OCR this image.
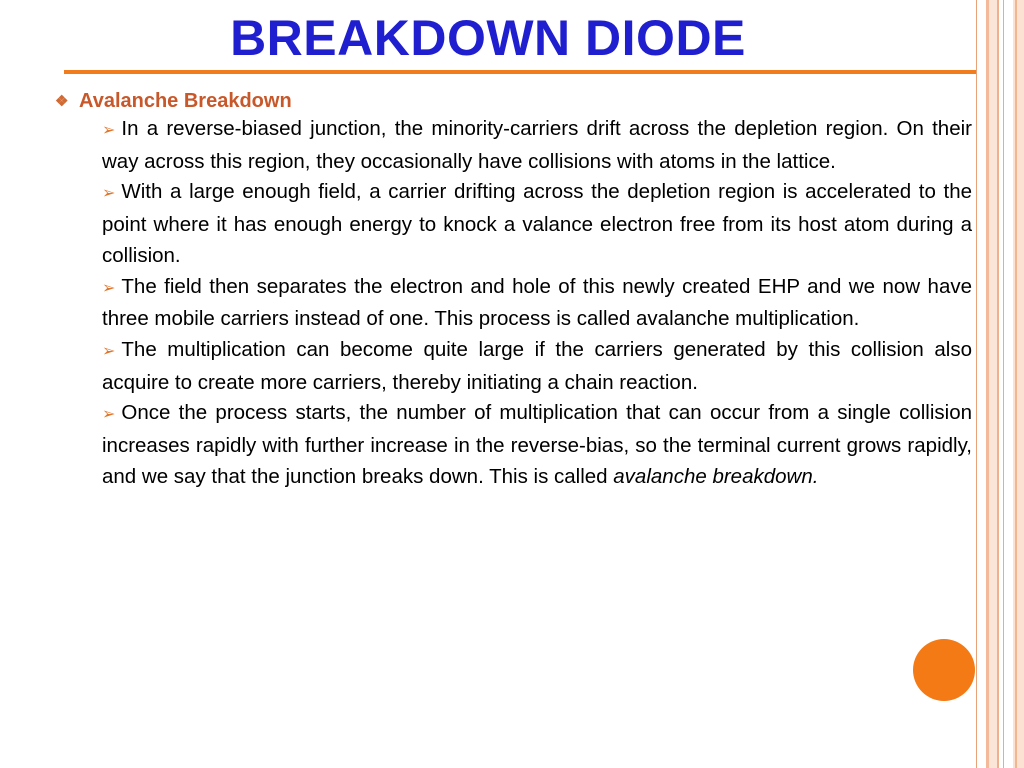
BREAKDOWN DIODE
❖ Avalanche Breakdown

➢ In a reverse-biased junction, the minority-carriers drift across the depletion region. On their way across this region, they occasionally have collisions with atoms in the lattice.

➢ With a large enough field, a carrier drifting across the depletion region is accelerated to the point where it has enough energy to knock a valance electron free from its host atom during a collision.

➢ The field then separates the electron and hole of this newly created EHP and we now have three mobile carriers instead of one. This process is called avalanche multiplication.

➢ The multiplication can become quite large if the carriers generated by this collision also acquire to create more carriers, thereby initiating a chain reaction.

➢ Once the process starts, the number of multiplication that can occur from a single collision increases rapidly with further increase in the reverse-bias, so the terminal current grows rapidly, and we say that the junction breaks down. This is called avalanche breakdown.
